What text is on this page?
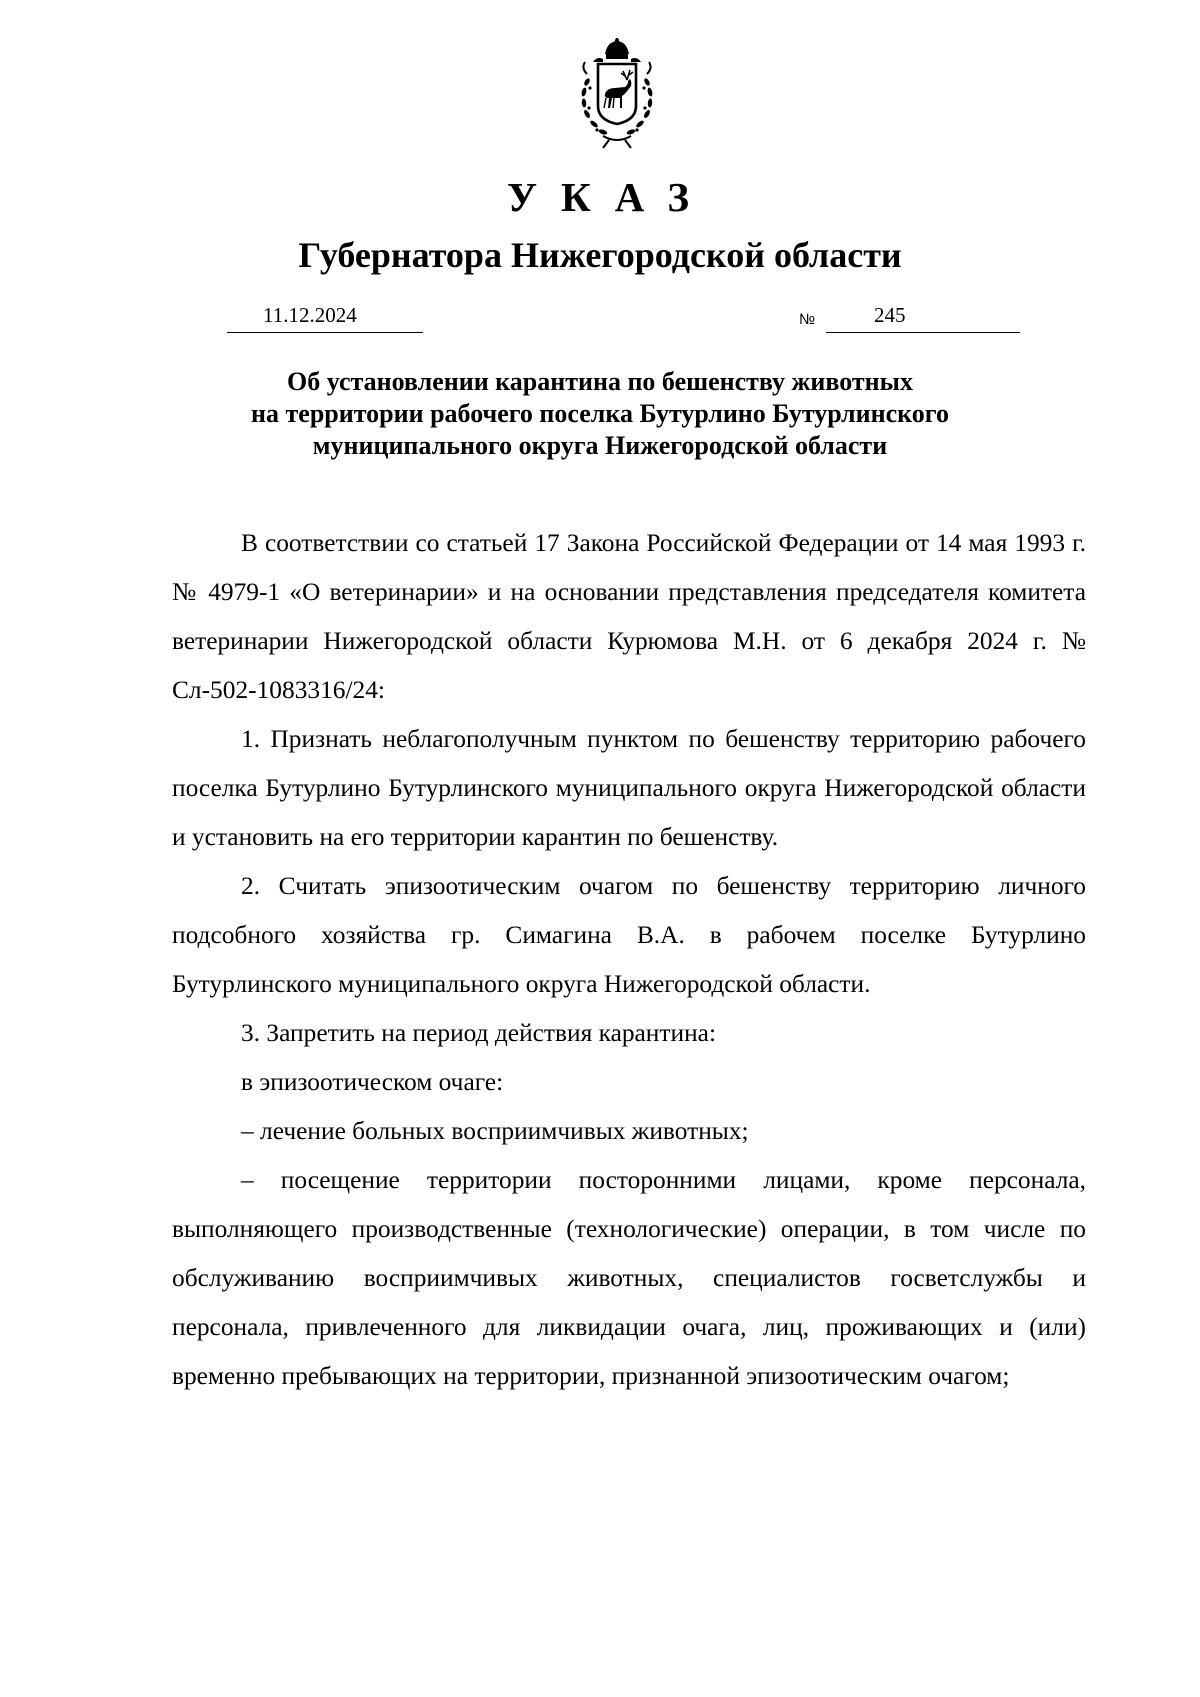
УКАЗ
Губернатора Нижегородской области
11.12.2024	№	245
Об установлении карантина по бешенству животных
на территории рабочего поселка Бутурлино Бутурлинского
муниципального округа Нижегородской области

В соответствии со статьей 17 Закона Российской Федерации от 14 мая 1993 г. № 4979-1 «О ветеринарии» и на основании представления председателя комитета ветеринарии Нижегородской области Курюмова М.Н. от 6 декабря 2024 г. № Сл-502-1083316/24:

1. Признать неблагополучным пунктом по бешенству территорию рабочего поселка Бутурлино Бутурлинского муниципального округа Нижегородской области и установить на его территории карантин по бешенству.

2. Считать эпизоотическим очагом по бешенству территорию личного подсобного хозяйства гр. Симагина В.А. в рабочем поселке Бутурлино Бутурлинского муниципального округа Нижегородской области.

3. Запретить на период действия карантина:

в эпизоотическом очаге:

– лечение больных восприимчивых животных;

– посещение территории посторонними лицами, кроме персонала, выполняющего производственные (технологические) операции, в том числе по обслуживанию восприимчивых животных, специалистов госветслужбы и персонала, привлеченного для ликвидации очага, лиц, проживающих и (или) временно пребывающих на территории, признанной эпизоотическим очагом;
